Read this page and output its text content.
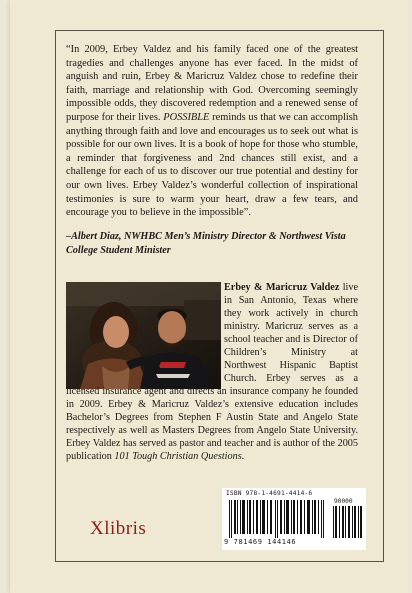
“In 2009, Erbey Valdez and his family faced one of the greatest tragedies and challenges anyone has ever faced. In the midst of anguish and ruin, Erbey & Maricruz Valdez chose to redefine their faith, marriage and relationship with God. Overcoming seemingly impossible odds, they discovered redemption and a renewed sense of purpose for their lives. POSSIBLE reminds us that we can accomplish anything through faith and love and encourages us to seek out what is possible for our own lives. It is a book of hope for those who stumble, a reminder that forgiveness and 2nd chances still exist, and a challenge for each of us to discover our true potential and destiny for our own lives. Erbey Valdez’s wonderful collection of inspirational testimonies is sure to warm your heart, draw a few tears, and encourage you to believe in the impossible”.

–Albert Diaz, NWHBC Men’s Ministry Director & Northwest Vista College Student Minister

Erbey & Maricruz Valdez live in San Antonio, Texas where they work actively in church ministry. Maricruz serves as a school teacher and is Director of Children’s Ministry at Northwest Hispanic Baptist Church. Erbey serves as a licensed insurance agent and directs an insurance company he founded in 2009. Erbey & Maricruz Valdez’s extensive education includes Bachelor’s Degrees from Stephen F Austin State and Angelo State respectively as well as Masters Degrees from Angelo State University. Erbey Valdez has served as pastor and teacher and is author of the 2005 publication 101 Tough Christian Questions.

Xlibris
ISBN 978-1-4691-4414-6
90000
9 781469 144146
